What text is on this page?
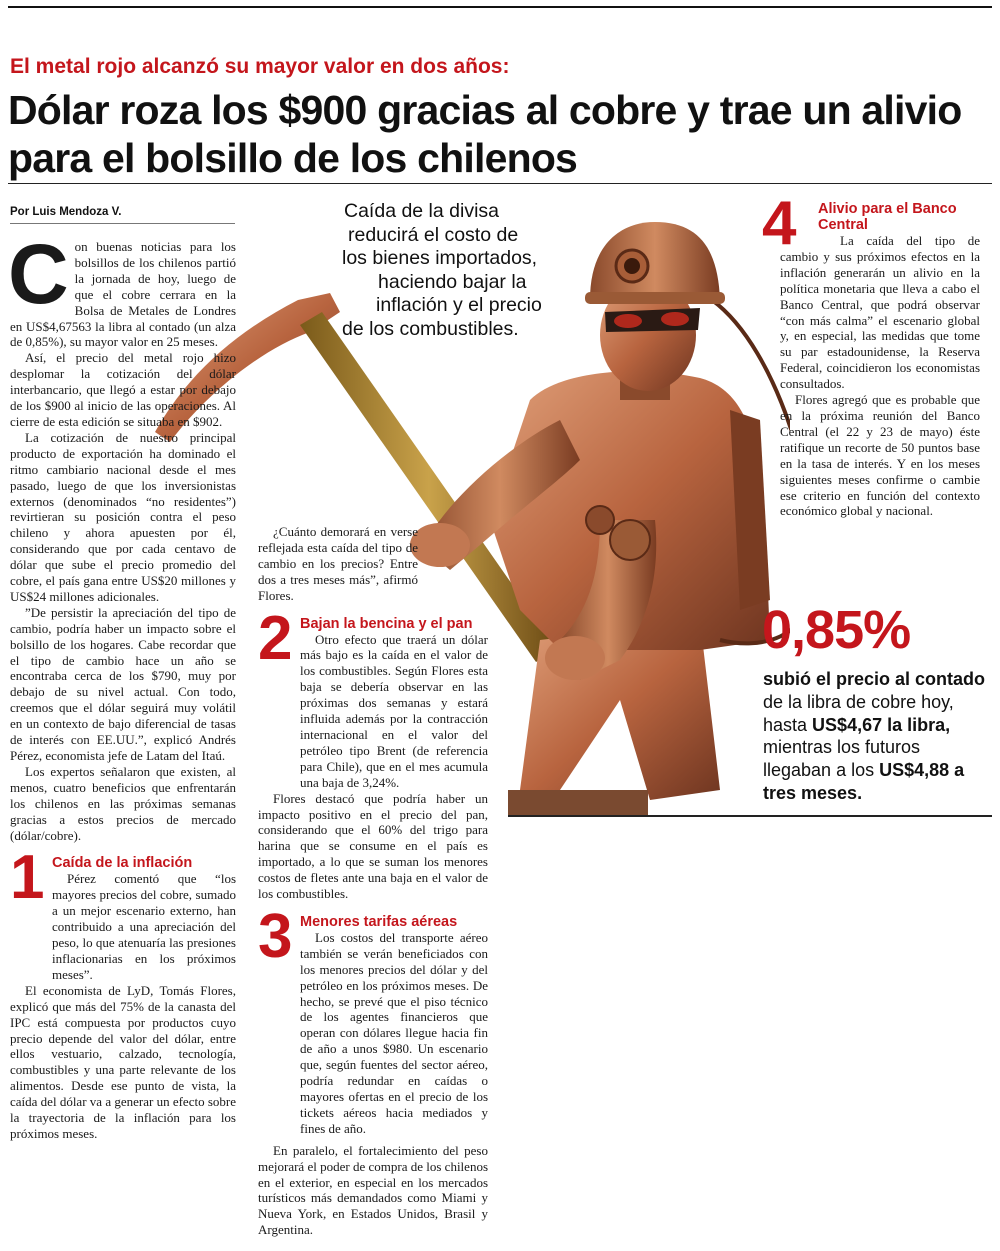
El metal rojo alcanzó su mayor valor en dos años:
Dólar roza los $900 gracias al cobre y trae un alivio para el bolsillo de los chilenos
Por Luis Mendoza V.	Caída de la divisa
reducirá el costo de
los bienes importados,
haciendo bajar la
inflación y el precio
de los combustibles.

Con buenas noticias para los bolsillos de los chilenos partió la jornada de hoy, luego de que el cobre cerrara en la Bolsa de Metales de Londres en US$4,67563 la libra al contado (un alza de 0,85%), su mayor valor en 25 meses.

Así, el precio del metal rojo hizo desplomar la cotización del dólar interbancario, que llegó a estar por debajo de los $900 al inicio de las operaciones. Al cierre de esta edición se situaba en $902.

La cotización de nuestro principal producto de exportación ha dominado el ritmo cambiario nacional desde el mes pasado, luego de que los inversionistas externos (denominados “no residentes”) revirtieran su posición contra el peso chileno y ahora apuesten por él, considerando que por cada centavo de dólar que sube el precio promedio del cobre, el país gana entre US$20 millones y US$24 millones adicionales.

”De persistir la apreciación del tipo de cambio, podría haber un impacto sobre el bolsillo de los hogares. Cabe recordar que el tipo de cambio hace un año se encontraba cerca de los $790, muy por debajo de su nivel actual. Con todo, creemos que el dólar seguirá muy volátil en un contexto de bajo diferencial de tasas de interés con EE.UU.”, explicó Andrés Pérez, economista jefe de Latam del Itaú.

Los expertos señalaron que existen, al menos, cuatro beneficios que enfrentarán los chilenos en las próximas semanas gracias a estos precios de mercado (dólar/cobre).

1 Caída de la inflación

Pérez comentó que “los mayores precios del cobre, sumado a un mejor escenario externo, han contribuido a una apreciación del peso, lo que atenuaría las presiones inflacionarias en los próximos meses”.

El economista de LyD, Tomás Flores, explicó que más del 75% de la canasta del IPC está compuesta por productos cuyo precio depende del valor del dólar, entre ellos vestuario, calzado, tecnología, combustibles y una parte relevante de los alimentos. Desde ese punto de vista, la caída del dólar va a generar un efecto sobre la trayectoria de la inflación para los próximos meses.

¿Cuánto demorará en verse reflejada esta caída del tipo de cambio en los precios? Entre dos a tres meses más”, afirmó Flores.

2 Bajan la bencina y el pan

Otro efecto que traerá un dólar más bajo es la caída en el valor de los combustibles. Según Flores esta baja se debería observar en las próximas dos semanas y estará influida además por la contracción internacional en el valor del petróleo tipo Brent (de referencia para Chile), que en el mes acumula una baja de 3,24%.

Flores destacó que podría haber un impacto positivo en el precio del pan, considerando que el 60% del trigo para harina que se consume en el país es importado, a lo que se suman los menores costos de fletes ante una baja en el valor de los combustibles.

3 Menores tarifas aéreas

Los costos del transporte aéreo también se verán beneficiados con los menores precios del dólar y del petróleo en los próximos meses. De hecho, se prevé que el piso técnico de los agentes financieros que operan con dólares llegue hacia fin de año a unos $980. Un escenario que, según fuentes del sector aéreo, podría redundar en caídas o mayores ofertas en el precio de los tickets aéreos hacia mediados y fines de año.

En paralelo, el fortalecimiento del peso mejorará el poder de compra de los chilenos en el exterior, en especial en los mercados turísticos más demandados como Miami y Nueva York, en Estados Unidos, Brasil y Argentina.

4	Alivio para el Banco Central

La caída del tipo de cambio y sus próximos efectos en la inflación generarán un alivio en la política monetaria que lleva a cabo el Banco Central, que podrá observar “con más calma” el escenario global y, en especial, las medidas que tome su par estadounidense, la Reserva Federal, coincidieron los economistas consultados.

Flores agregó que es probable que en la próxima reunión del Banco Central (el 22 y 23 de mayo) éste ratifique un recorte de 50 puntos base en la tasa de interés. Y en los meses siguientes meses confirme o cambie ese criterio en función del contexto económico global y nacional.

0,85%
subió el precio al contado de la libra de cobre hoy, hasta US$4,67 la libra, mientras los futuros llegaban a los US$4,88 a tres meses.
